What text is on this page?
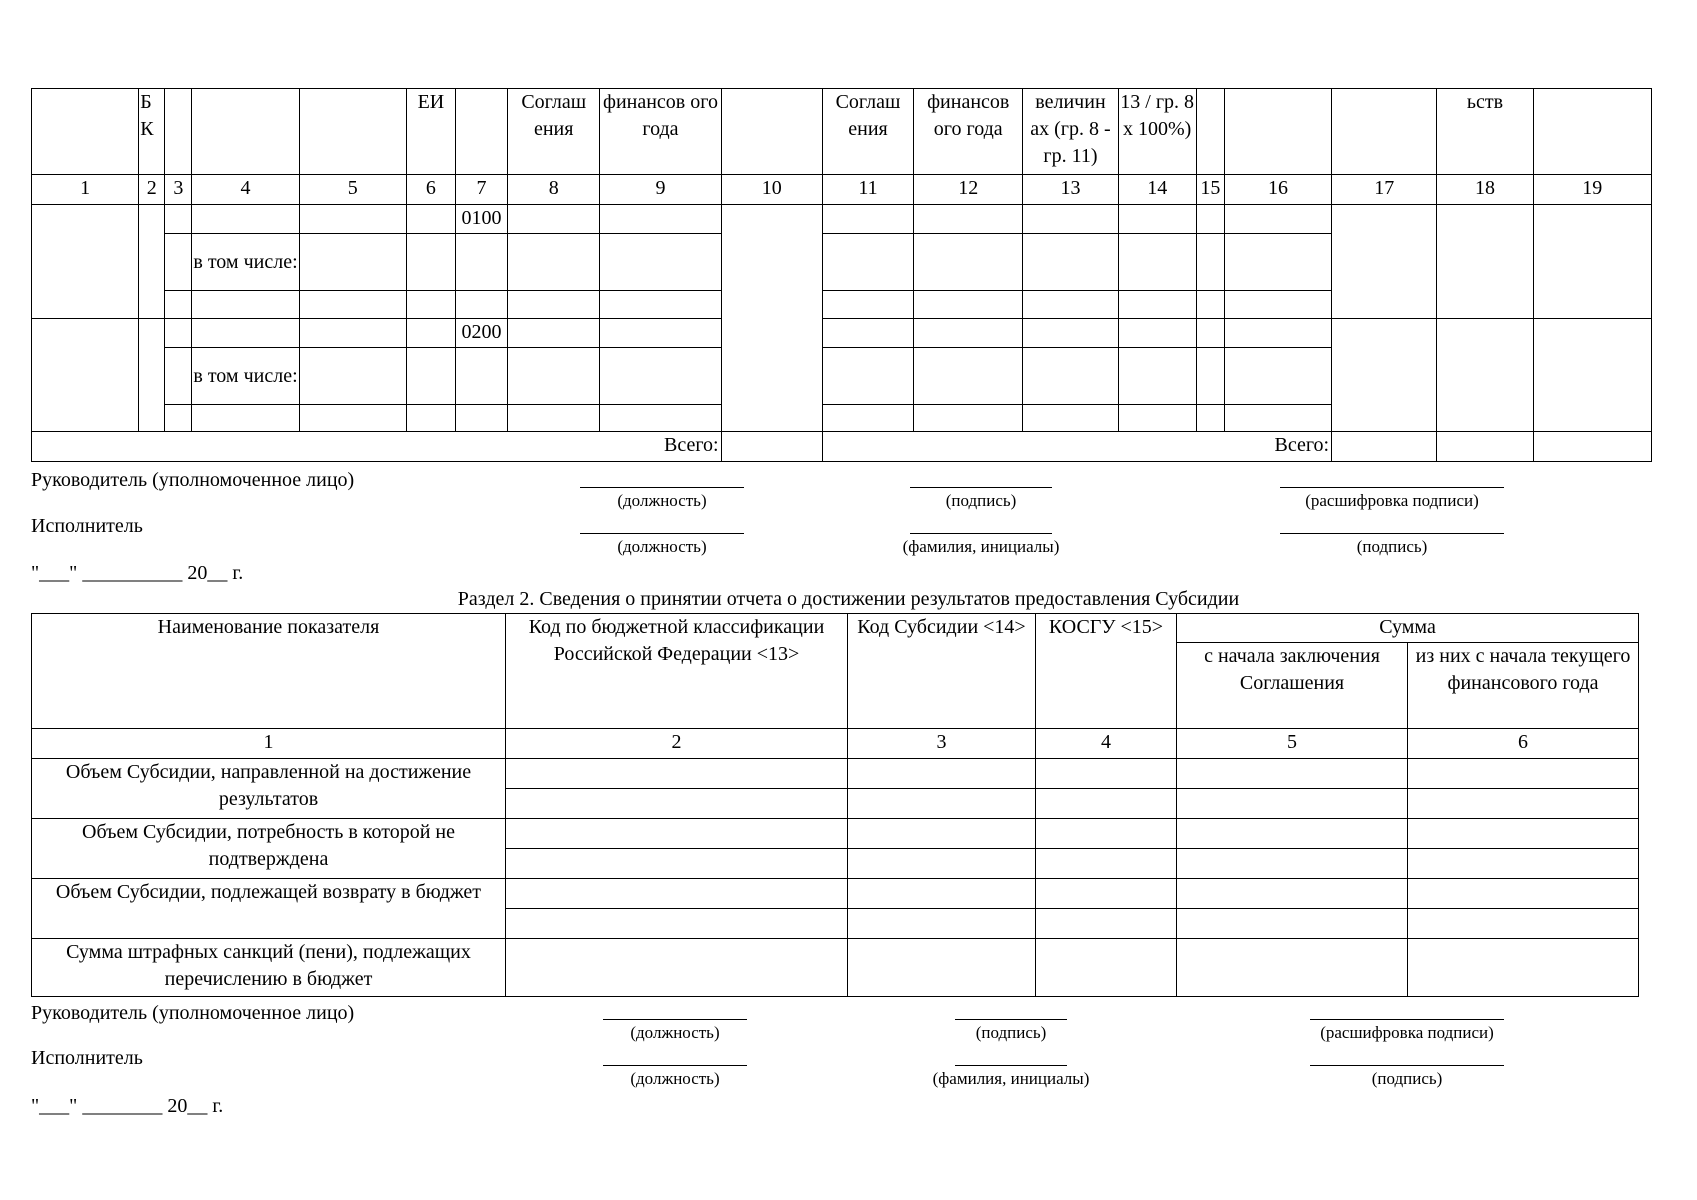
	Б К				ЕИ		Соглаш ения	финансов ого года		Соглаш ения	финансов ого года	величин ах (гр. 8 - гр. 11)	13 / гр. 8 x 100%)				ьств	
1	2	3	4	5	6	7	8	9	10	11	12	13	14	15	16	17	18	19
						0100												
			в том числе:															

						0200												
			в том числе:															

Всего:										Всего:								
Руководитель (уполномоченное лицо)
(должность)	(подпись)	(расшифровка подписи)
Исполнитель
(должность)	(фамилия, инициалы)	(подпись)
"___" __________ 20__ г.
Раздел 2. Сведения о принятии отчета о достижении результатов предоставления Субсидии
Наименование показателя	Код по бюджетной классификации Российской Федерации <13>	Код Субсидии <14>	КОСГУ <15>	Сумма	
				с начала заключения Соглашения	из них с начала текущего финансового года
1	2	3	4	5	6
Объем Субсидии, направленной на достижение результатов					

Объем Субсидии, потребность в которой не подтверждена					

Объем Субсидии, подлежащей возврату в бюджет					

Сумма штрафных санкций (пени), подлежащих перечислению в бюджет					
Руководитель (уполномоченное лицо)
(должность)	(подпись)	(расшифровка подписи)
Исполнитель
(должность)	(фамилия, инициалы)	(подпись)
"___" ________ 20__ г.
